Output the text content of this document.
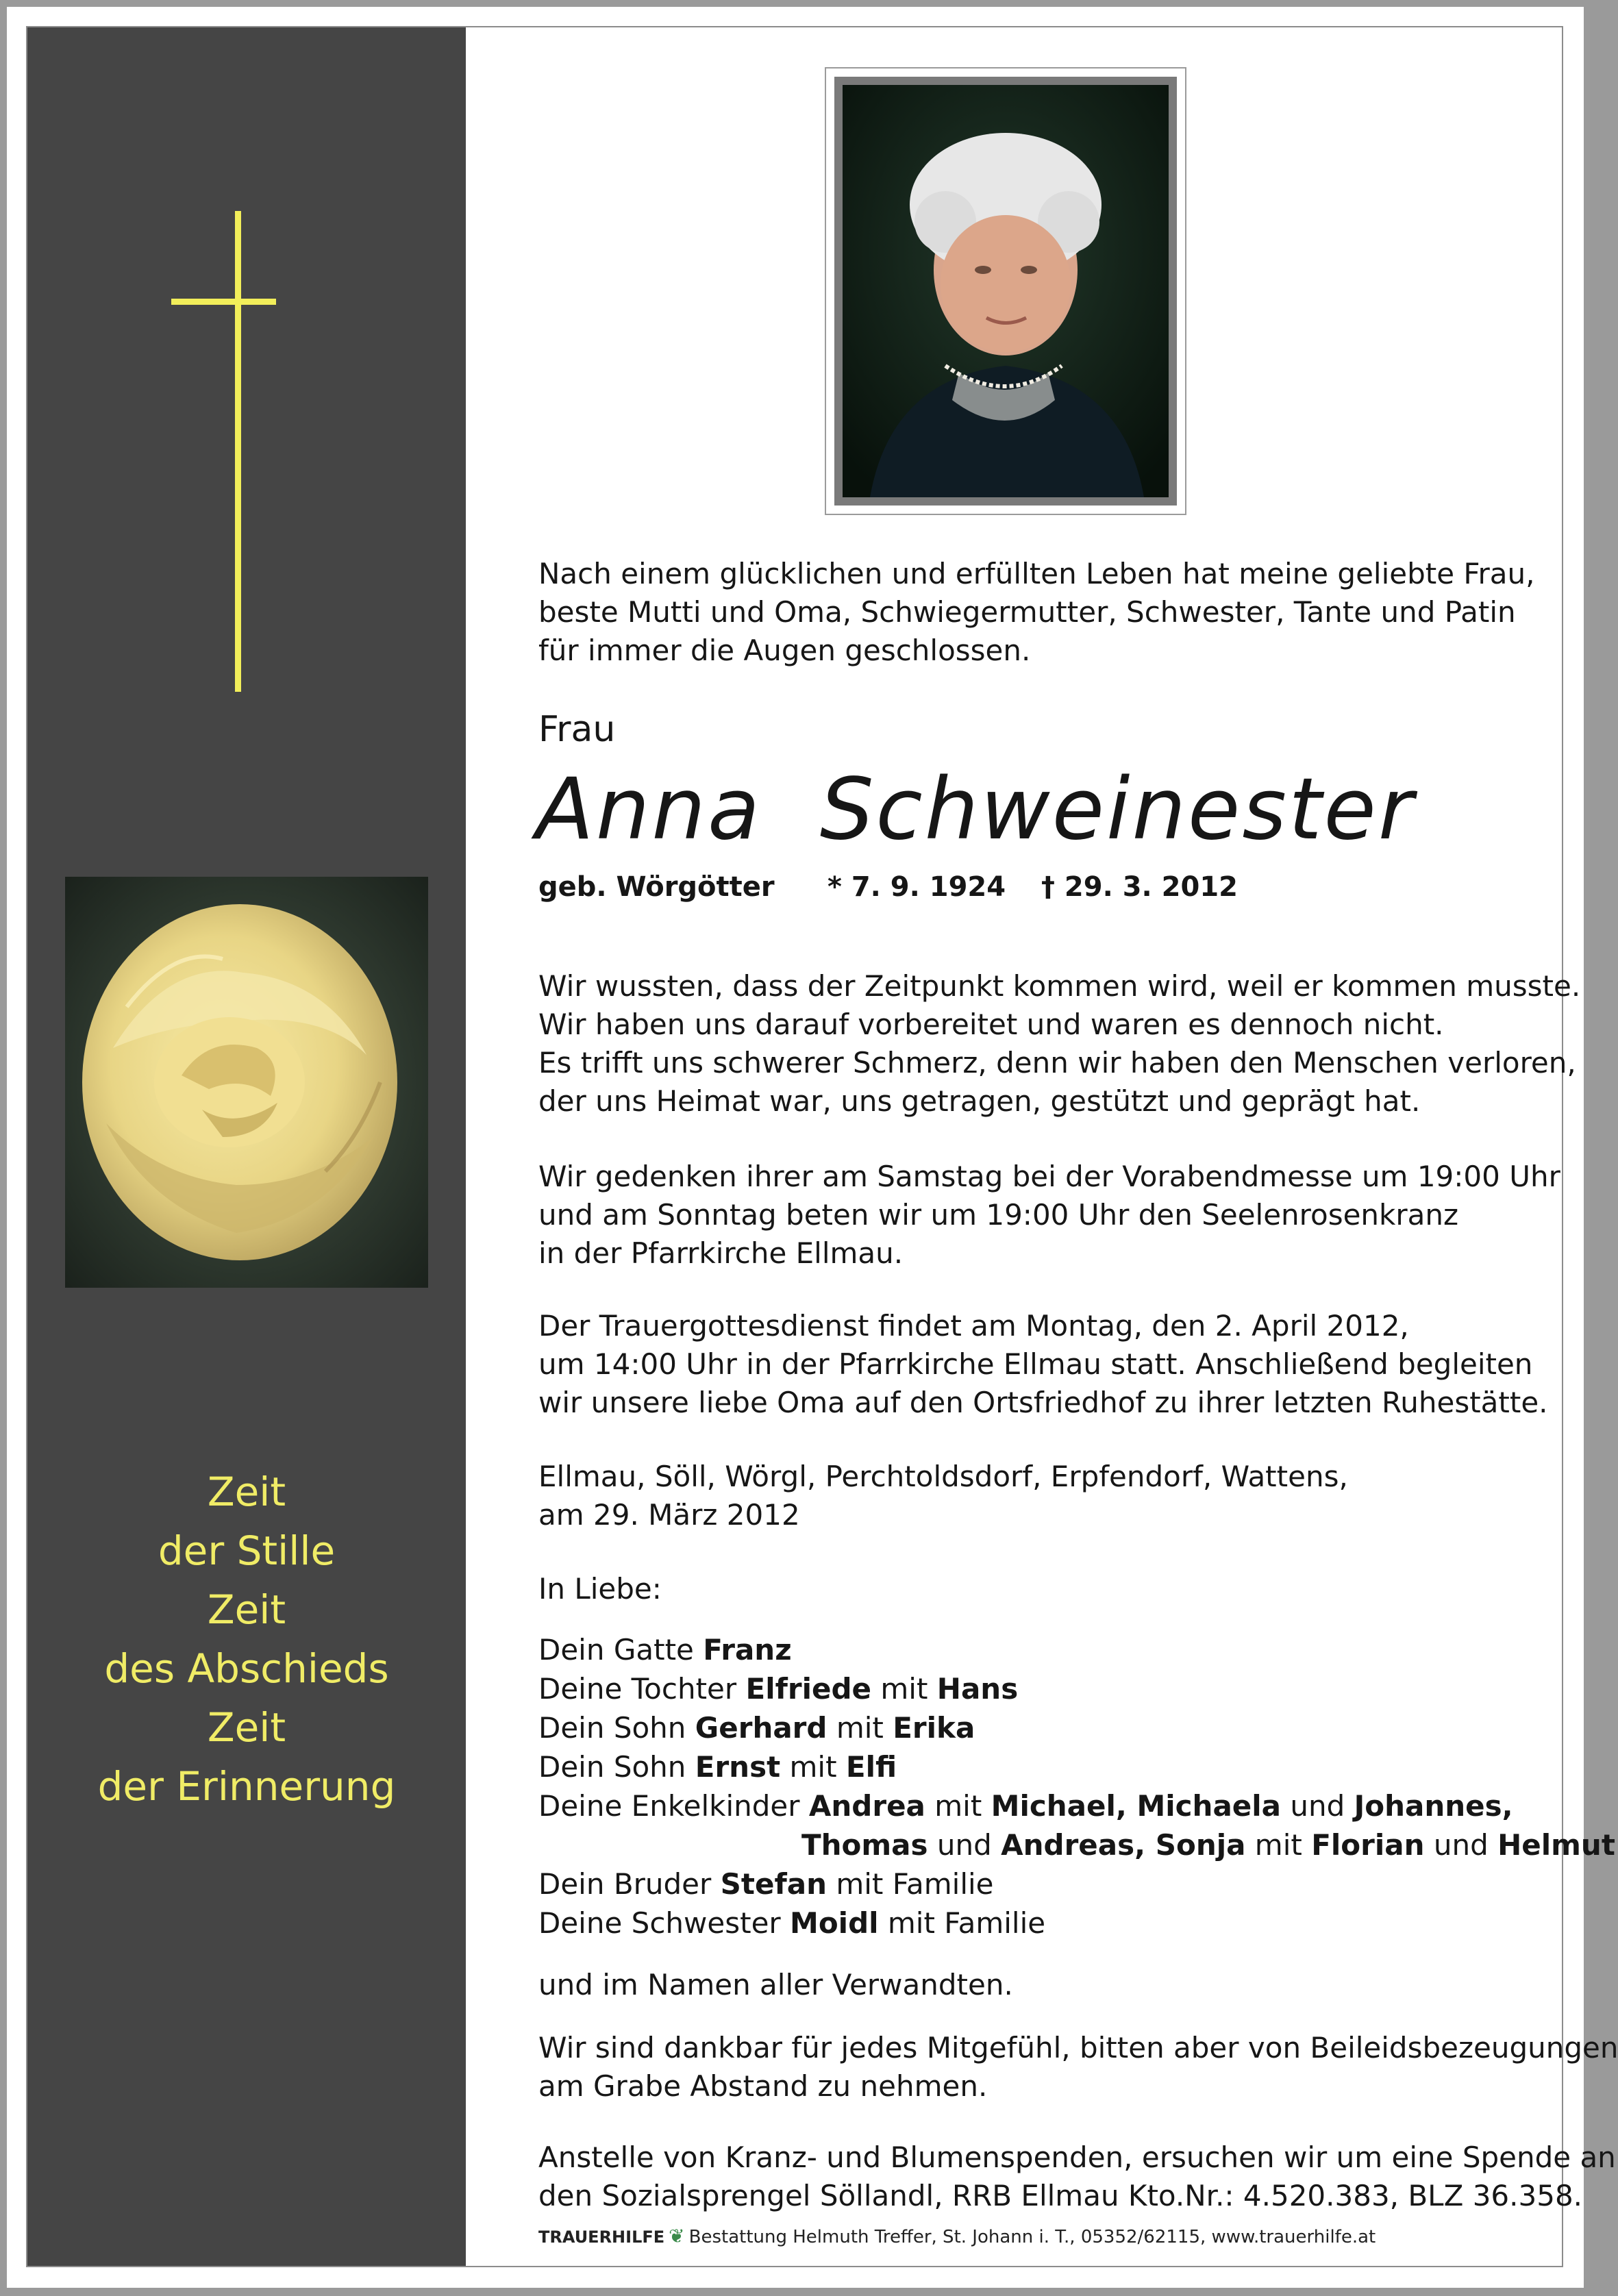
Zeit
der Stille
Zeit
des Abschieds
Zeit
der Erinnerung
Nach einem glücklichen und erfüllten Leben hat meine geliebte Frau,
beste Mutti und Oma, Schwiegermutter, Schwester, Tante und Patin
für immer die Augen geschlossen.
Frau
Anna  Schweinester
geb. Wörgötter * 7. 9. 1924 † 29. 3. 2012
Wir wussten, dass der Zeitpunkt kommen wird, weil er kommen musste.
Wir haben uns darauf vorbereitet und waren es dennoch nicht.
Es trifft uns schwerer Schmerz, denn wir haben den Menschen verloren,
der uns Heimat war, uns getragen, gestützt und geprägt hat.
Wir gedenken ihrer am Samstag bei der Vorabendmesse um 19:00 Uhr
und am Sonntag beten wir um 19:00 Uhr den Seelenrosenkranz
in der Pfarrkirche Ellmau.
Der Trauergottesdienst findet am Montag, den 2. April 2012,
um 14:00 Uhr in der Pfarrkirche Ellmau statt. Anschließend begleiten
wir unsere liebe Oma auf den Ortsfriedhof zu ihrer letzten Ruhestätte.
Ellmau, Söll, Wörgl, Perchtoldsdorf, Erpfendorf, Wattens,
am 29. März 2012
In Liebe:
Dein Gatte Franz
Deine Tochter Elfriede mit Hans
Dein Sohn Gerhard mit Erika
Dein Sohn Ernst mit Elfi
Deine Enkelkinder Andrea mit Michael, Michaela und Johannes,
Thomas und Andreas, Sonja mit Florian und Helmut
Dein Bruder Stefan mit Familie
Deine Schwester Moidl mit Familie
und im Namen aller Verwandten.
Wir sind dankbar für jedes Mitgefühl, bitten aber von Beileidsbezeugungen
am Grabe Abstand zu nehmen.
Anstelle von Kranz- und Blumenspenden, ersuchen wir um eine Spende an
den Sozialsprengel Söllandl, RRB Ellmau Kto.Nr.: 4.520.383, BLZ 36.358.
TRAUERHILFE ❦ Bestattung Helmuth Treffer, St. Johann i. T., 05352/62115, www.trauerhilfe.at
